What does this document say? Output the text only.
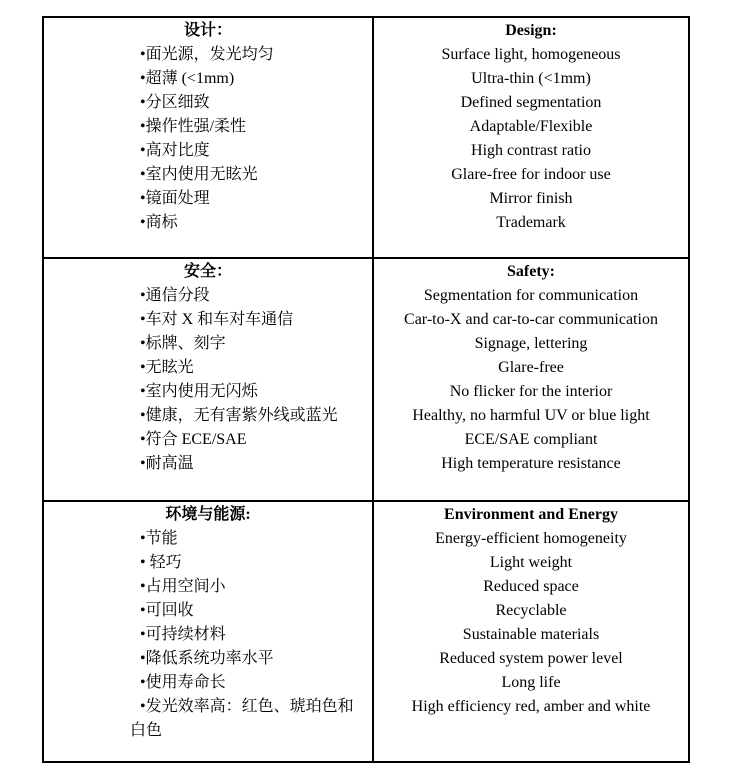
设计：
•面光源，发光均匀
•超薄 (<1mm)
•分区细致
•操作性强/柔性
•高对比度
•室内使用无眩光
•镜面处理
•商标
Design:
Surface light, homogeneous
Ultra-thin (<1mm)
Defined segmentation
Adaptable/Flexible
High contrast ratio
Glare-free for indoor use
Mirror finish
Trademark
安全：
•通信分段
•车对 X 和车对车通信
•标牌、刻字
•无眩光
•室内使用无闪烁
•健康，无有害紫外线或蓝光
•符合 ECE/SAE
•耐高温
Safety:
Segmentation for communication
Car-to-X and car-to-car communication
Signage, lettering
Glare-free
No flicker for the interior
Healthy, no harmful UV or blue light
ECE/SAE compliant
High temperature resistance
环境与能源:
•节能
• 轻巧
•占用空间小
•可回收
•可持续材料
•降低系统功率水平
•使用寿命长
•发光效率高：红色、琥珀色和白色
Environment and Energy
Energy-efficient homogeneity
Light weight
Reduced space
Recyclable
Sustainable materials
Reduced system power level
Long life
High efficiency red, amber and white
